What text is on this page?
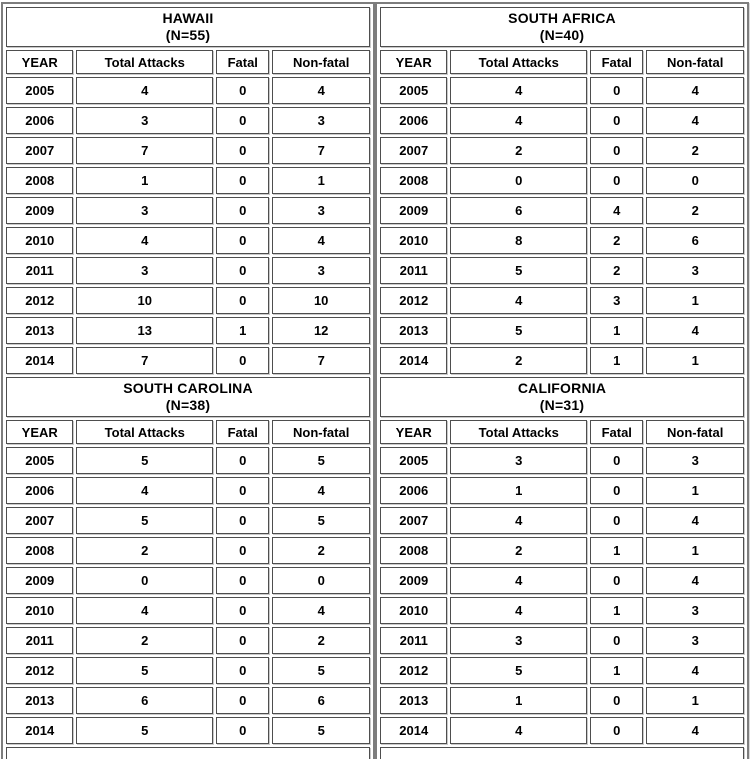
HAWAII
(N=55)			

YEAR	Total Attacks	Fatal	Non-fatal
2005	4	0	4
2006	3	0	3
2007	7	0	7
2008	1	0	1
2009	3	0	3
2010	4	0	4
2011	3	0	3
2012	10	0	10
2013	13	1	12
2014	7	0	7

SOUTH CAROLINA
(N=38)			

YEAR	Total Attacks	Fatal	Non-fatal
2005	5	0	5
2006	4	0	4
2007	5	0	5
2008	2	0	2
2009	0	0	0
2010	4	0	4
2011	2	0	2
2012	5	0	5
2013	6	0	6
2014	5	0	5

SOUTH AFRICA
(N=40)			

YEAR	Total Attacks	Fatal	Non-fatal
2005	4	0	4
2006	4	0	4
2007	2	0	2
2008	0	0	0
2009	6	4	2
2010	8	2	6
2011	5	2	3
2012	4	3	1
2013	5	1	4
2014	2	1	1

CALIFORNIA
(N=31)			

YEAR	Total Attacks	Fatal	Non-fatal
2005	3	0	3
2006	1	0	1
2007	4	0	4
2008	2	1	1
2009	4	0	4
2010	4	1	3
2011	3	0	3
2012	5	1	4
2013	1	0	1
2014	4	0	4
